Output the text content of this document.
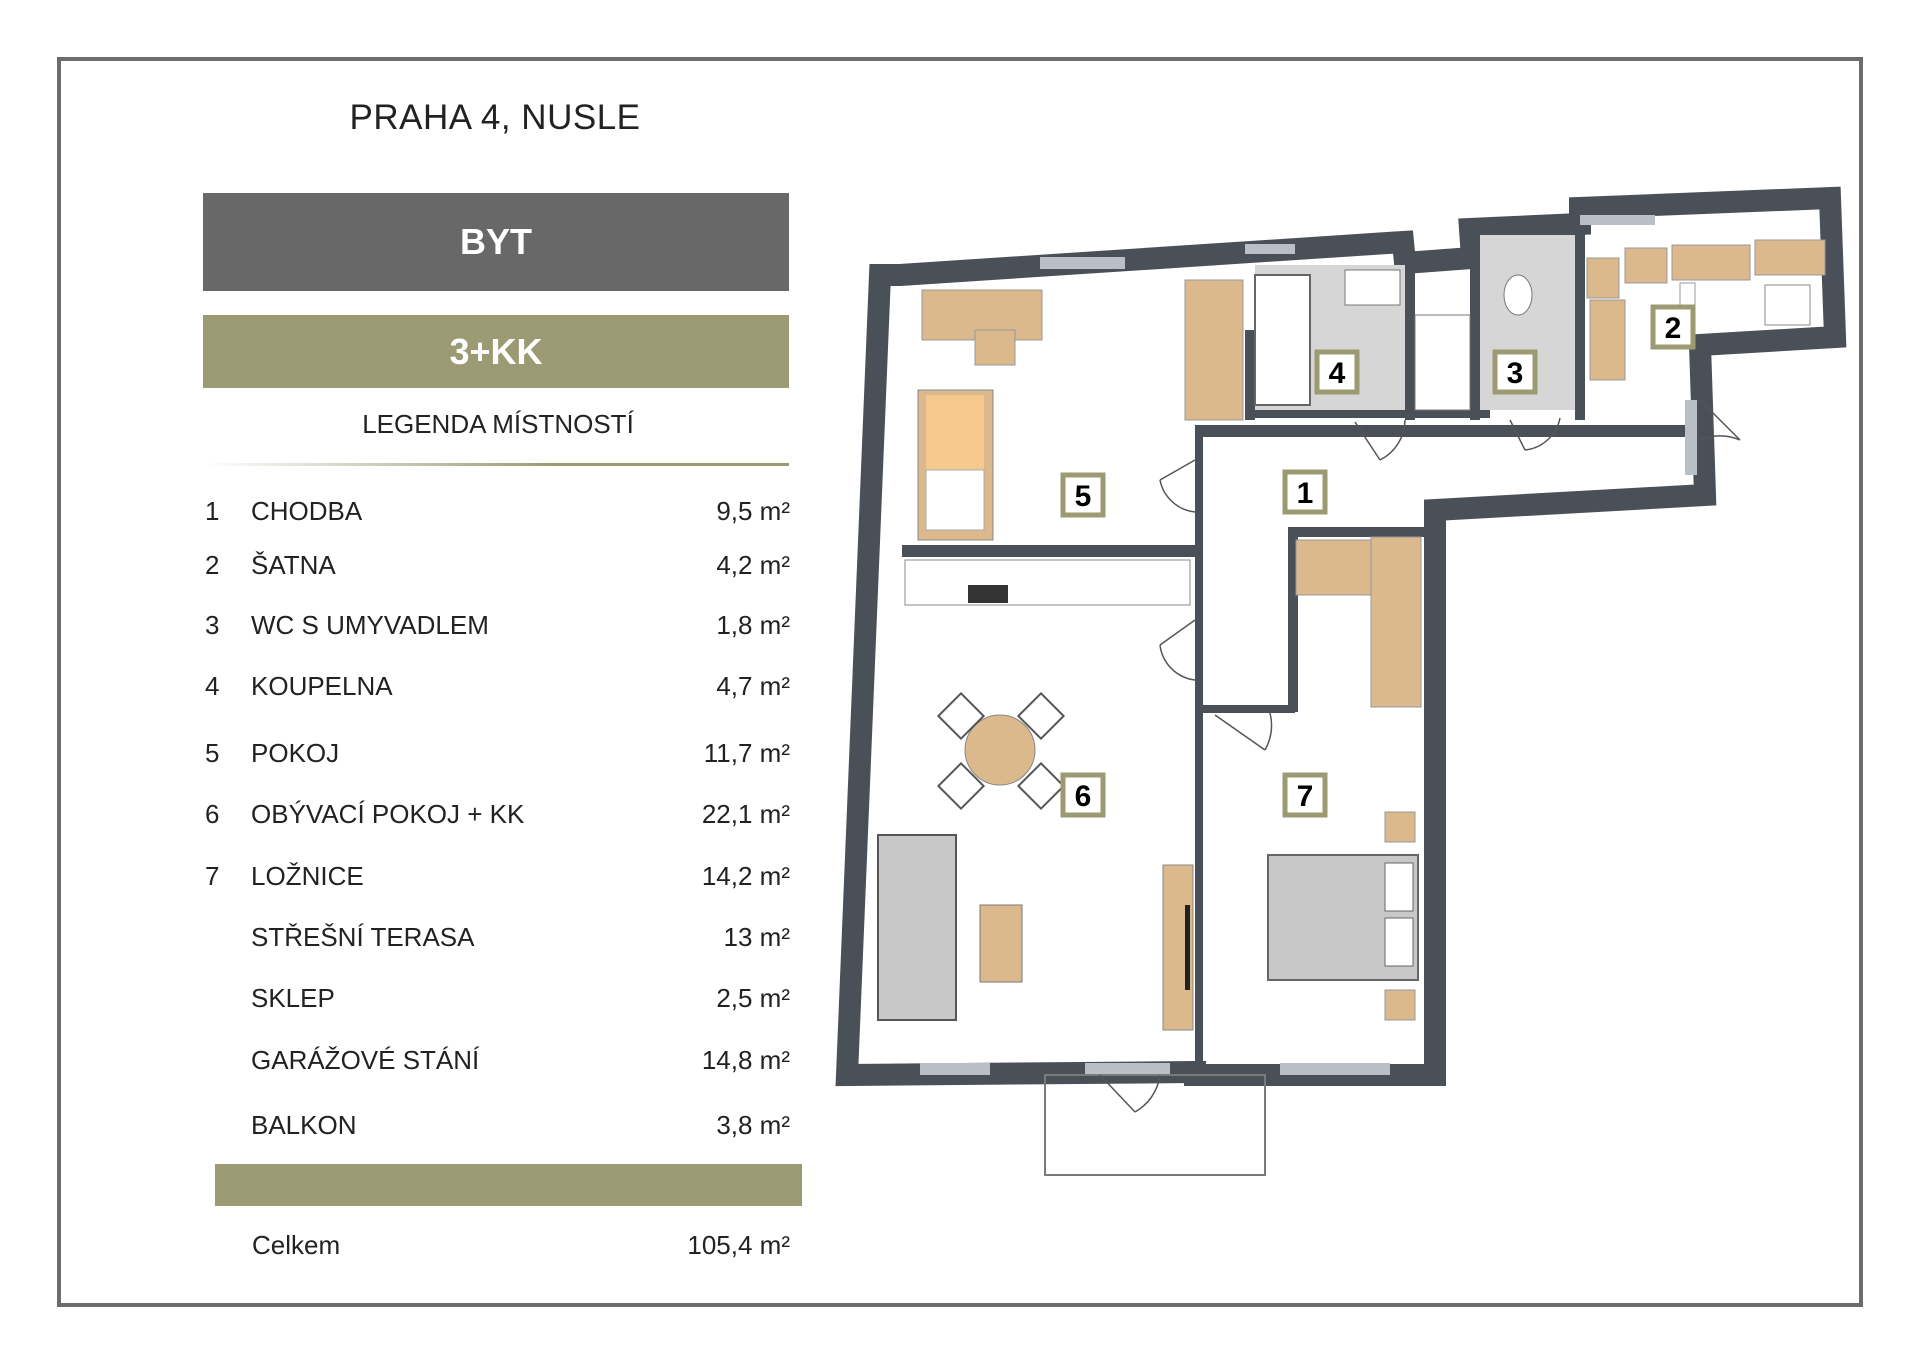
PRAHA 4, NUSLE
BYT
3+KK
LEGENDA MÍSTNOSTÍ
1	CHODBA	9,5 m²
2	ŠATNA	4,2 m²
3	WC S UMYVADLEM	1,8 m²
4	KOUPELNA	4,7 m²
5	POKOJ	11,7 m²
6	OBÝVACÍ POKOJ + KK	22,1 m²
7	LOŽNICE	14,2 m²
STŘEŠNÍ TERASA	13 m²
SKLEP	2,5 m²
GARÁŽOVÉ STÁNÍ	14,8 m²
BALKON	3,8 m²
Celkem	105,4 m²
1
2
3
4
5
6	7
